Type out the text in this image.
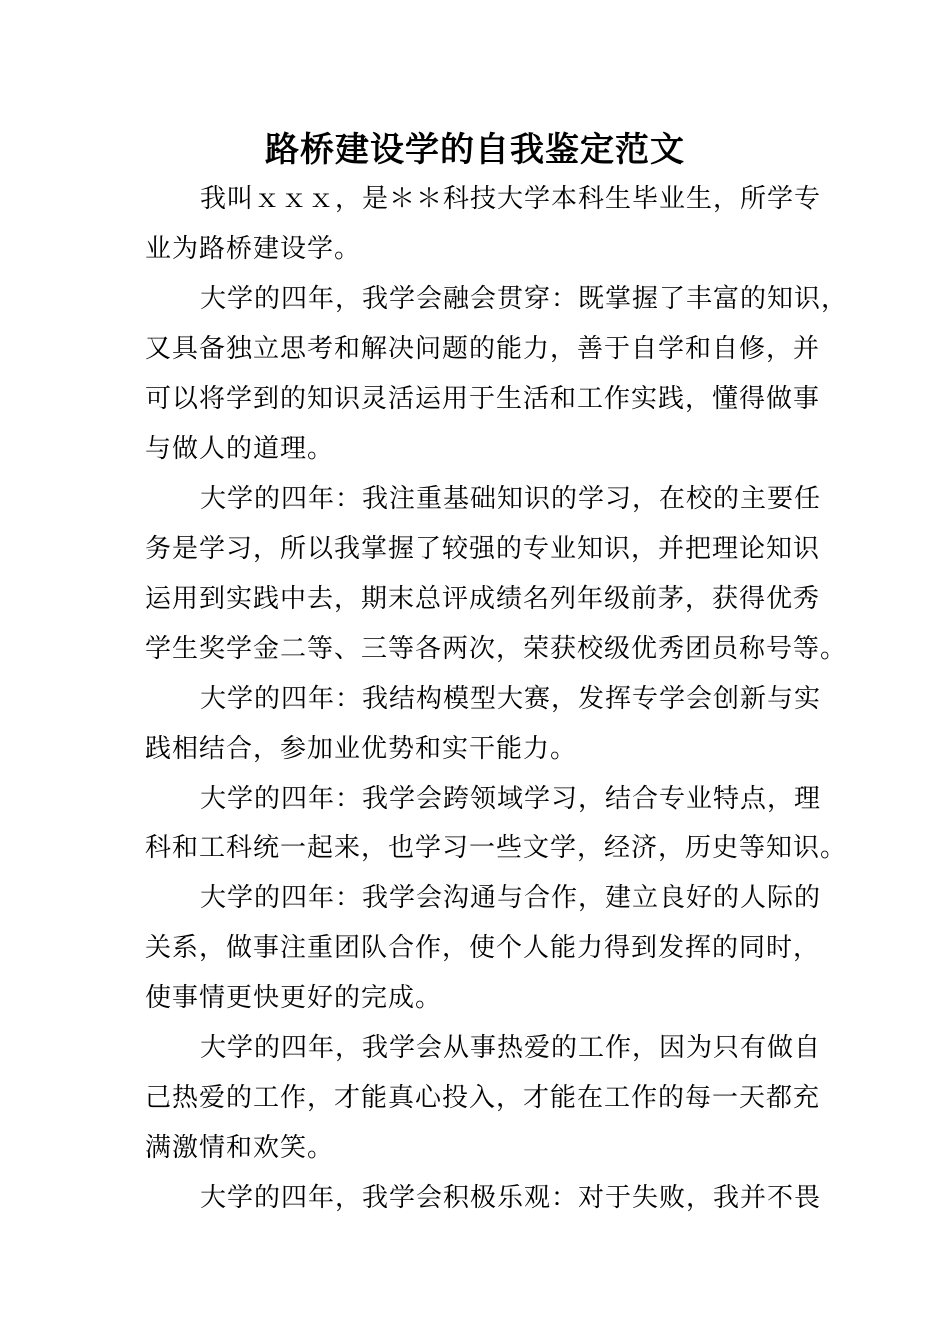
路桥建设学的自我鉴定范文

我叫ｘｘｘ，是＊＊科技大学本科生毕业生，所学专

业为路桥建设学。

大学的四年，我学会融会贯穿：既掌握了丰富的知识，

又具备独立思考和解决问题的能力，善于自学和自修，并

可以将学到的知识灵活运用于生活和工作实践，懂得做事

与做人的道理。

大学的四年：我注重基础知识的学习，在校的主要任

务是学习，所以我掌握了较强的专业知识，并把理论知识

运用到实践中去，期末总评成绩名列年级前茅，获得优秀

学生奖学金二等、三等各两次，荣获校级优秀团员称号等。

大学的四年：我结构模型大赛，发挥专学会创新与实

践相结合，参加业优势和实干能力。

大学的四年：我学会跨领域学习，结合专业特点，理

科和工科统一起来，也学习一些文学，经济，历史等知识。

大学的四年：我学会沟通与合作，建立良好的人际的

关系，做事注重团队合作，使个人能力得到发挥的同时，

使事情更快更好的完成。

大学的四年，我学会从事热爱的工作，因为只有做自

己热爱的工作，才能真心投入，才能在工作的每一天都充

满激情和欢笑。

大学的四年，我学会积极乐观：对于失败，我并不畏
